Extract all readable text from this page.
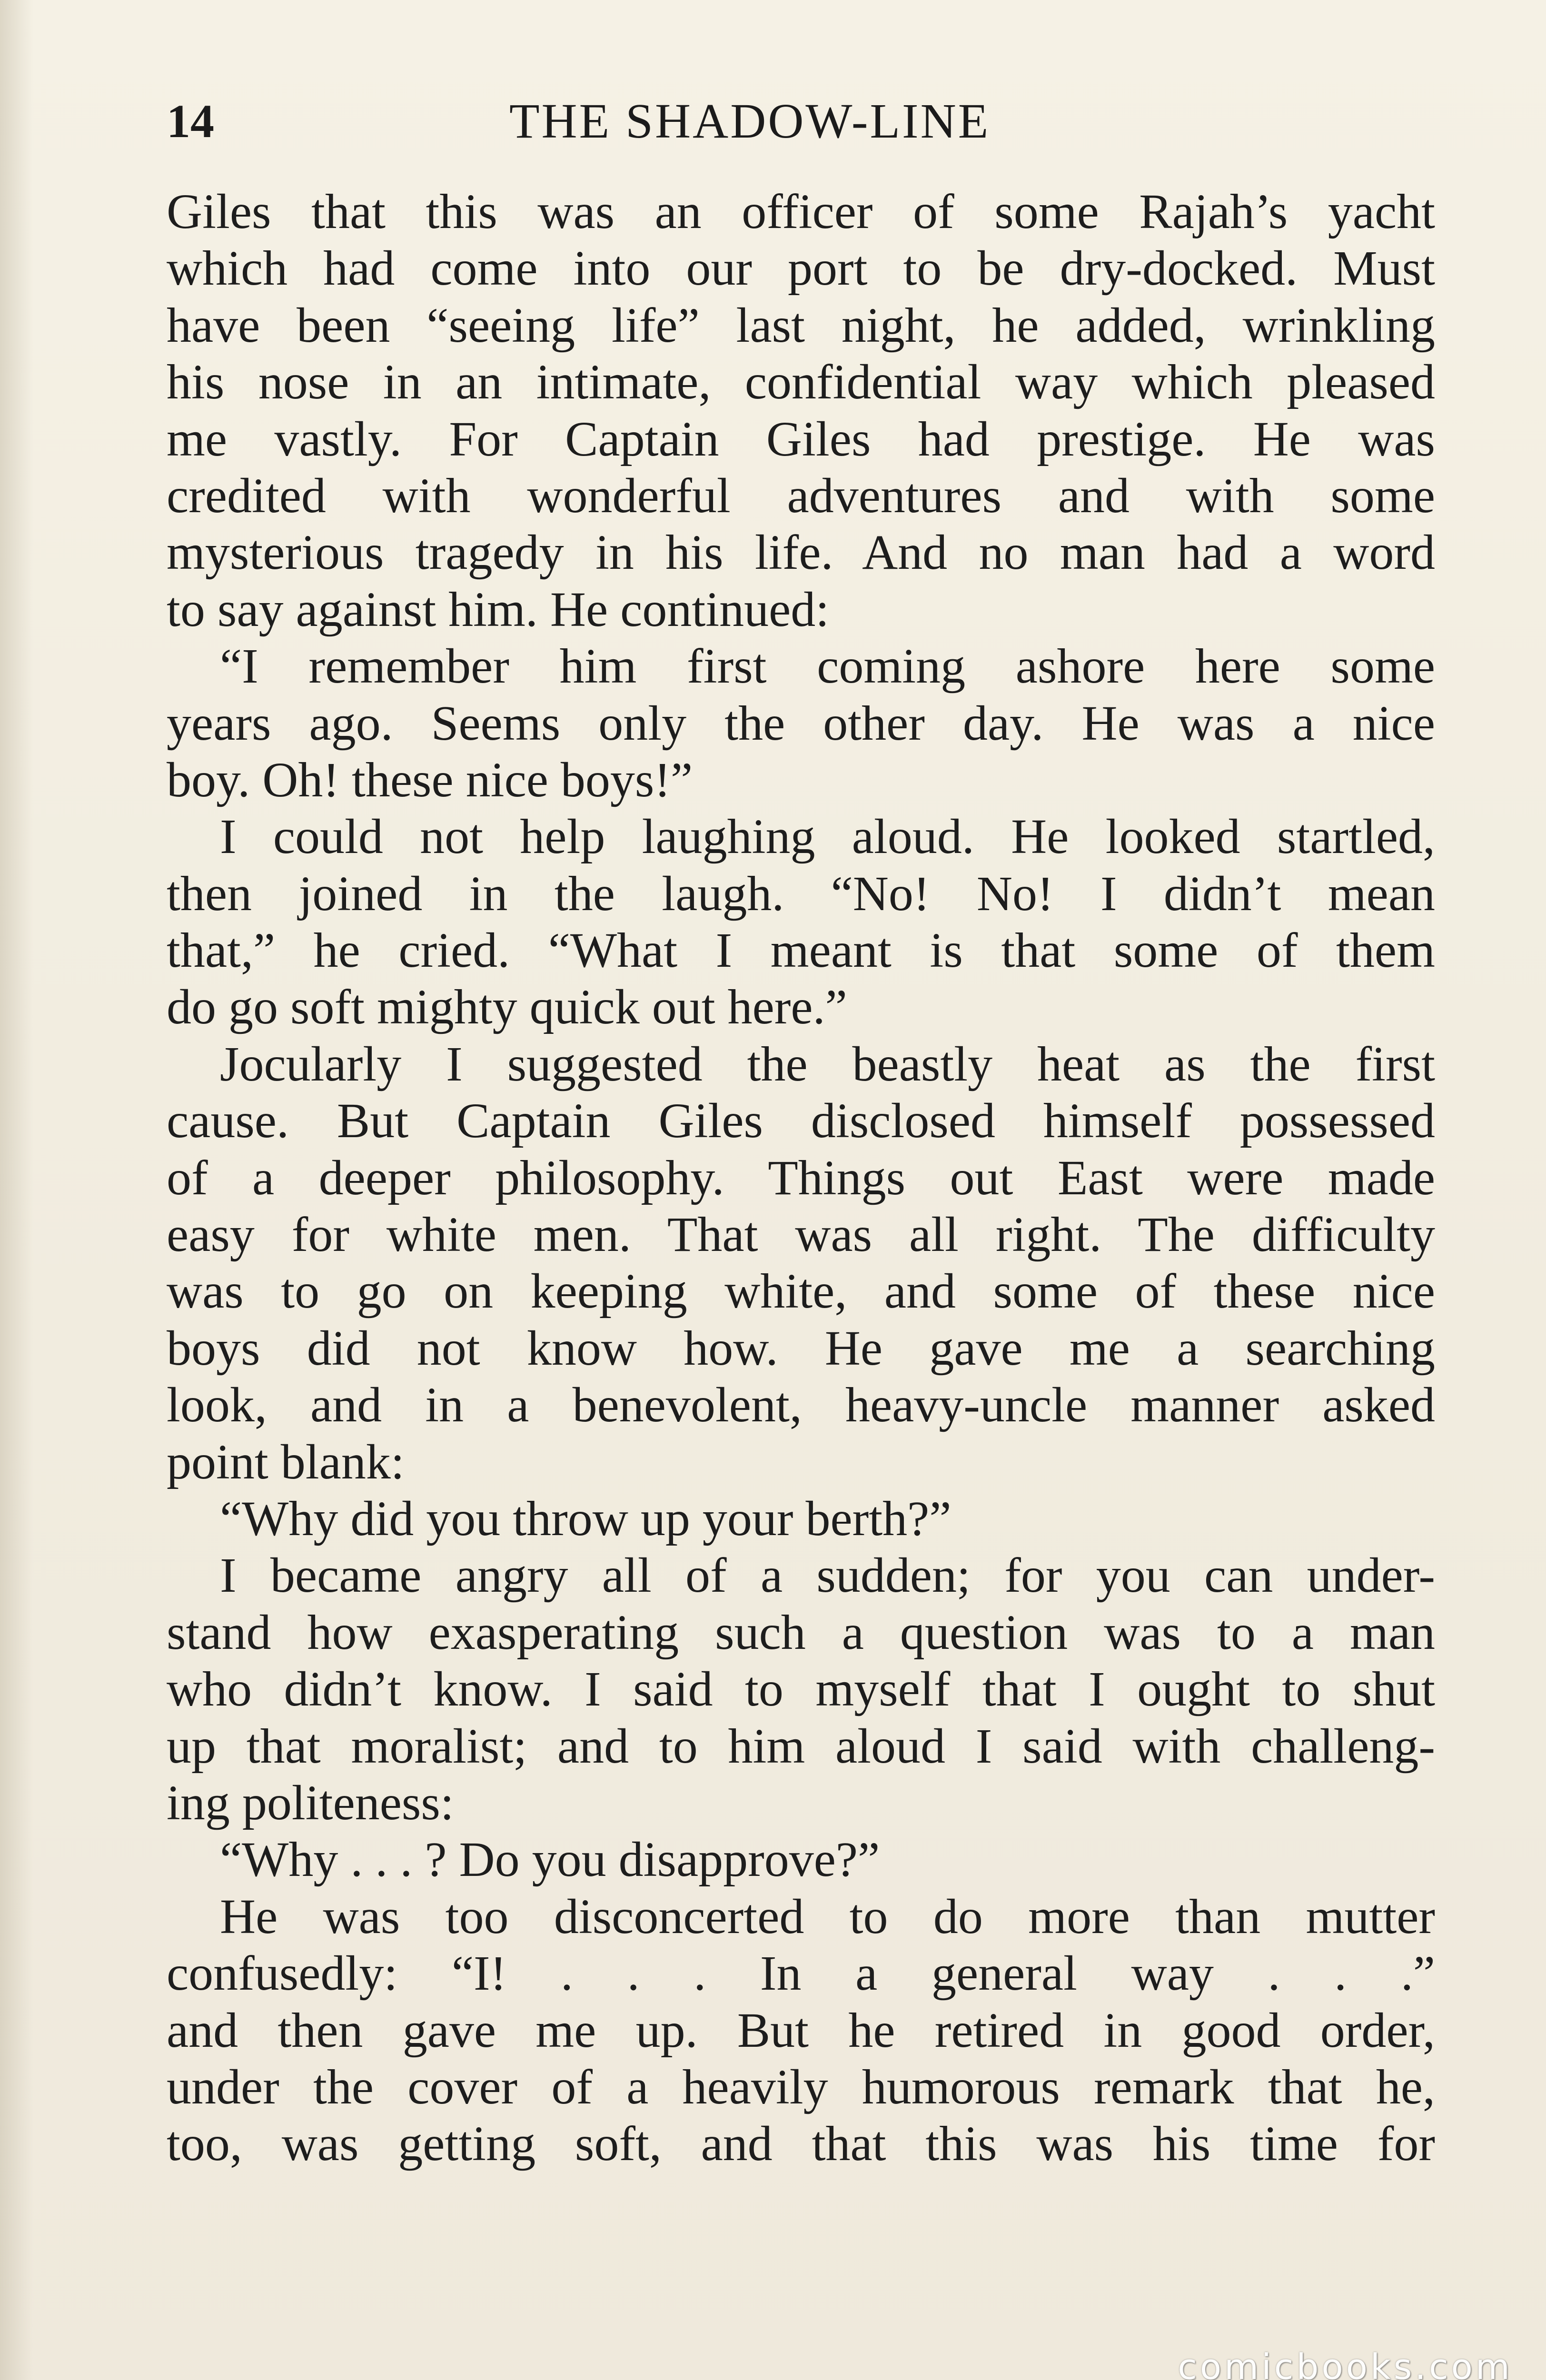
14	THE SHADOW-LINE
Giles that this was an officer of some Rajah’s yacht
which had come into our port to be dry-docked. Must
have been “seeing life” last night, he added, wrinkling
his nose in an intimate, confidential way which pleased
me vastly. For Captain Giles had prestige. He was
credited with wonderful adventures and with some
mysterious tragedy in his life. And no man had a word
to say against him. He continued:
“I remember him first coming ashore here some
years ago. Seems only the other day. He was a nice
boy. Oh! these nice boys!”
I could not help laughing aloud. He looked startled,
then joined in the laugh. “No! No! I didn’t mean
that,” he cried. “What I meant is that some of them
do go soft mighty quick out here.”
Jocularly I suggested the beastly heat as the first
cause. But Captain Giles disclosed himself possessed
of a deeper philosophy. Things out East were made
easy for white men. That was all right. The difficulty
was to go on keeping white, and some of these nice
boys did not know how. He gave me a searching
look, and in a benevolent, heavy-uncle manner asked
point blank:
“Why did you throw up your berth?”
I became angry all of a sudden; for you can under-
stand how exasperating such a question was to a man
who didn’t know. I said to myself that I ought to shut
up that moralist; and to him aloud I said with challeng-
ing politeness:
“Why . . . ? Do you disapprove?”
He was too disconcerted to do more than mutter
confusedly: “I! . . . In a general way . . .”
and then gave me up. But he retired in good order,
under the cover of a heavily humorous remark that he,
too, was getting soft, and that this was his time for
comicbooks.com
